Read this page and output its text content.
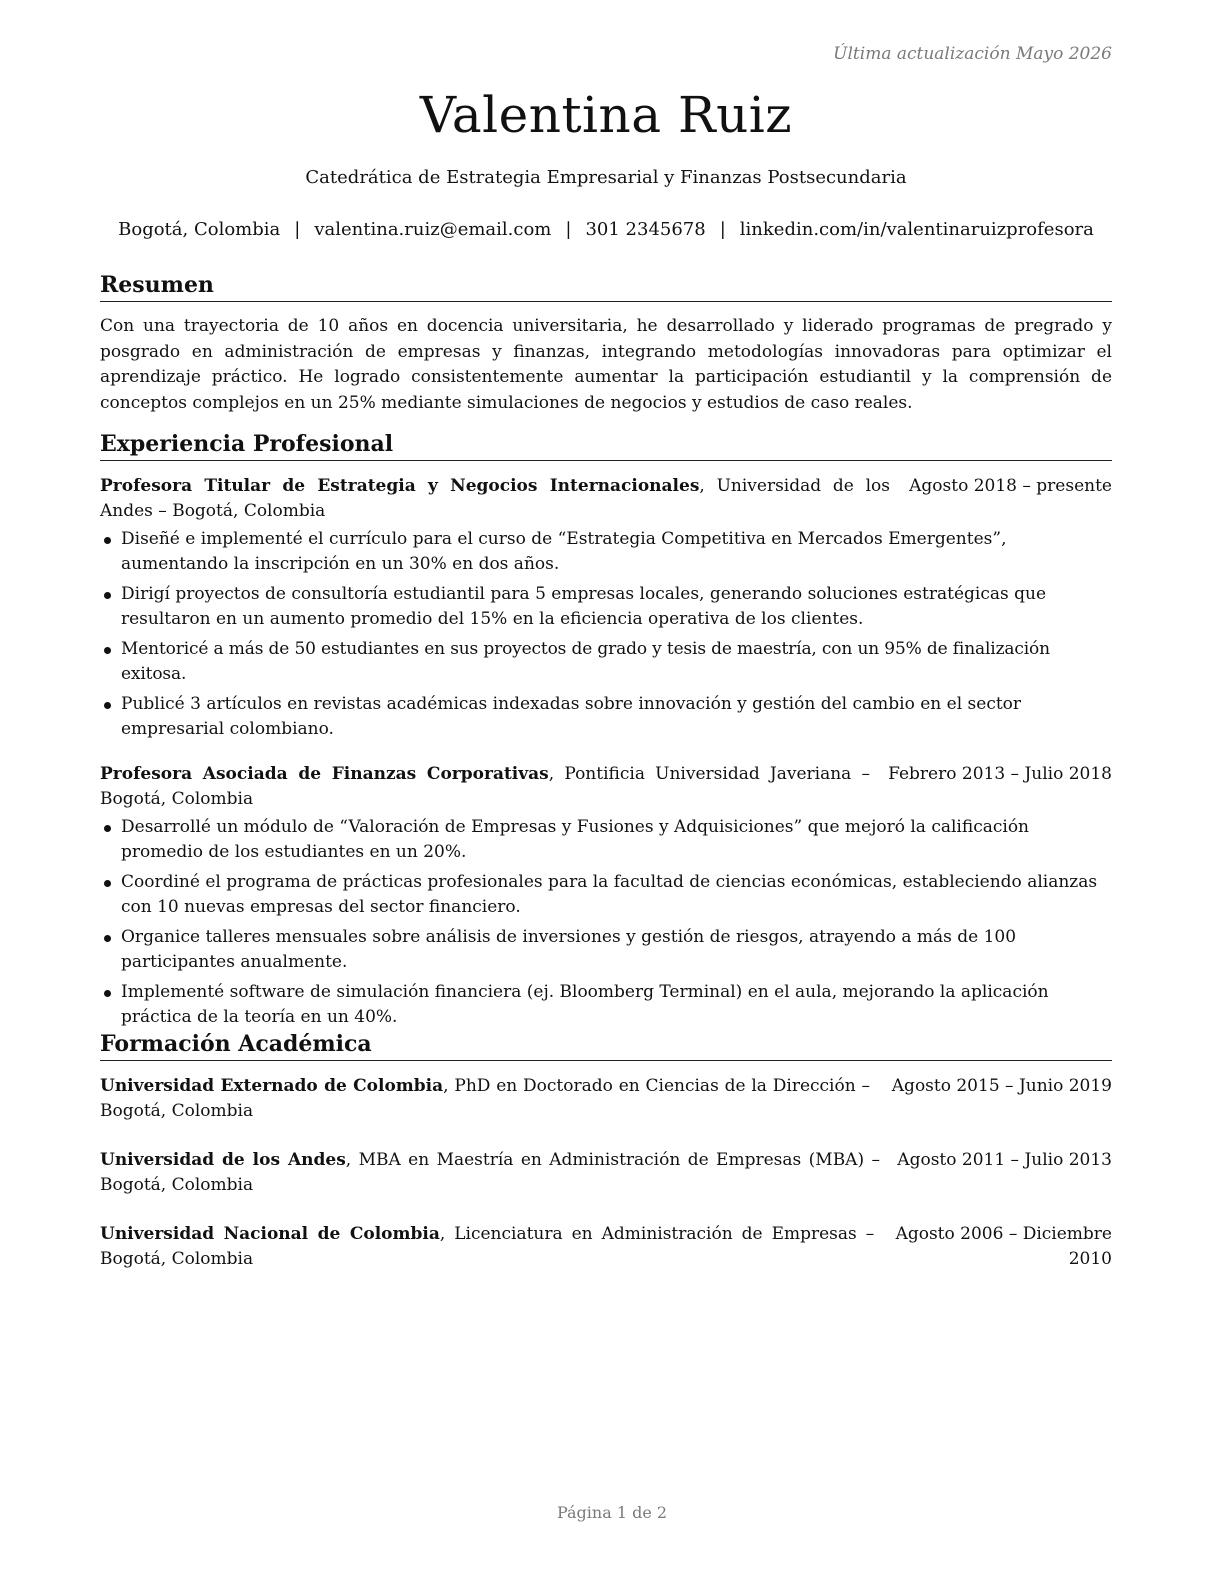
Última actualización Mayo 2026
Valentina Ruiz
Catedrática de Estrategia Empresarial y Finanzas Postsecundaria
Bogotá, Colombia | valentina.ruiz@email.com | 301 2345678 | linkedin.com/in/valentinaruizprofesora
Resumen
Con una trayectoria de 10 años en docencia universitaria, he desarrollado y liderado programas de pregrado y posgrado en administración de empresas y finanzas, integrando metodologías innovadoras para optimizar el aprendizaje práctico. He logrado consistentemente aumentar la participación estudiantil y la comprensión de conceptos complejos en un 25% mediante simulaciones de negocios y estudios de caso reales.
Experiencia Profesional
Profesora Titular de Estrategia y Negocios Internacionales, Universidad de los Andes – Bogotá, Colombia
Agosto 2018 – presente
Diseñé e implementé el currículo para el curso de “Estrategia Competitiva en Mercados Emergentes”, aumentando la inscripción en un 30% en dos años.
Dirigí proyectos de consultoría estudiantil para 5 empresas locales, generando soluciones estratégicas que resultaron en un aumento promedio del 15% en la eficiencia operativa de los clientes.
Mentoricé a más de 50 estudiantes en sus proyectos de grado y tesis de maestría, con un 95% de finalización exitosa.
Publicé 3 artículos en revistas académicas indexadas sobre innovación y gestión del cambio en el sector empresarial colombiano.
Profesora Asociada de Finanzas Corporativas, Pontificia Universidad Javeriana – Bogotá, Colombia
Febrero 2013 – Julio 2018
Desarrollé un módulo de “Valoración de Empresas y Fusiones y Adquisiciones” que mejoró la calificación promedio de los estudiantes en un 20%.
Coordiné el programa de prácticas profesionales para la facultad de ciencias económicas, estableciendo alianzas con 10 nuevas empresas del sector financiero.
Organice talleres mensuales sobre análisis de inversiones y gestión de riesgos, atrayendo a más de 100 participantes anualmente.
Implementé software de simulación financiera (ej. Bloomberg Terminal) en el aula, mejorando la aplicación práctica de la teoría en un 40%.
Formación Académica
Universidad Externado de Colombia, PhD en Doctorado en Ciencias de la Dirección – Bogotá, Colombia
Agosto 2015 – Junio 2019
Universidad de los Andes, MBA en Maestría en Administración de Empresas (MBA) – Bogotá, Colombia
Agosto 2011 – Julio 2013
Universidad Nacional de Colombia, Licenciatura en Administración de Empresas – Bogotá, Colombia
Agosto 2006 – Diciembre 2010
Página 1 de 2
